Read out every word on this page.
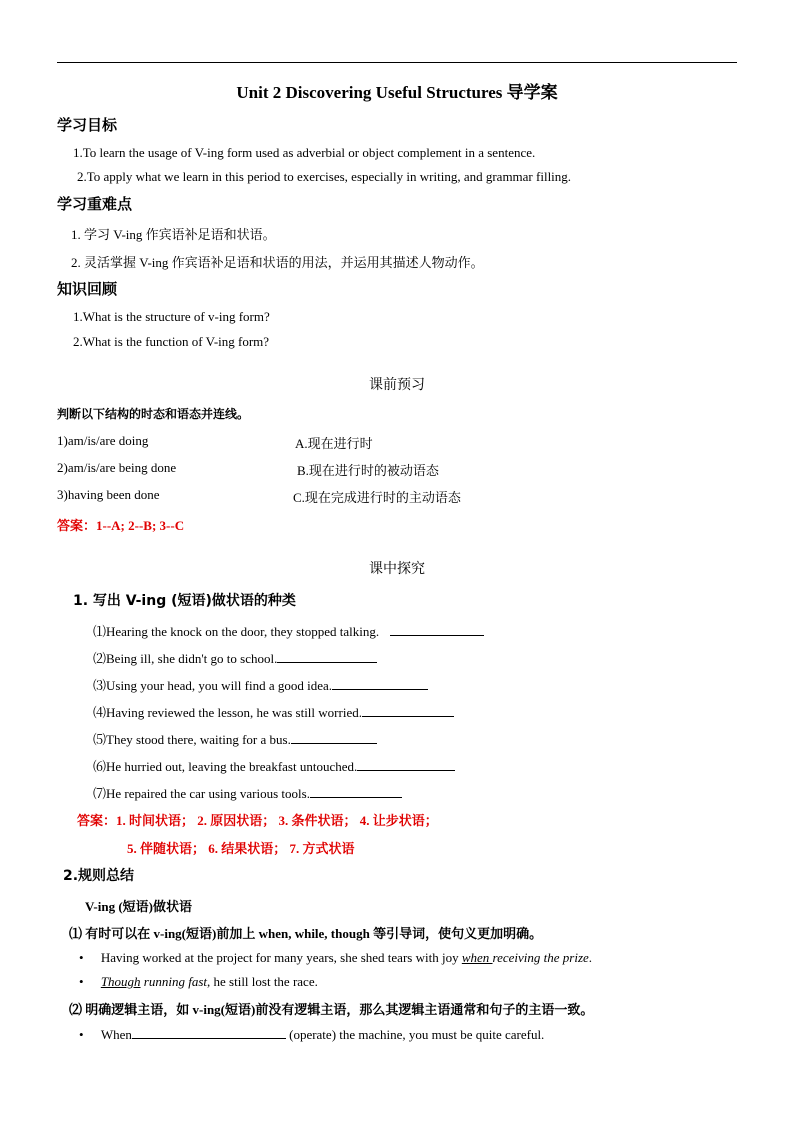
Unit 2 Discovering Useful Structures 导学案
学习目标
1.To learn the usage of V-ing form used as adverbial or object complement in a sentence.
2.To apply what we learn in this period to exercises, especially in writing, and grammar filling.
学习重难点
1. 学习 V-ing 作宾语补足语和状语。
2. 灵活掌握 V-ing 作宾语补足语和状语的用法，并运用其描述人物动作。
知识回顾
1.What is the structure of v-ing form?
2.What is the function of V-ing form?
课前预习
判断以下结构的时态和语态并连线。
1)am/is/are doing
2)am/is/are being done
3)having been done
A.现在进行时
B.现在进行时的被动语态
C.现在完成进行时的主动语态
答案：1--A; 2--B; 3--C
课中探究
1. 写出 V-ing (短语)做状语的种类
⑴Hearing the knock on the door, they stopped talking.
⑵Being ill, she didn't go to school.
⑶Using your head, you will find a good idea.
⑷Having reviewed the lesson, he was still worried.
⑸They stood there, waiting for a bus.
⑹He hurried out, leaving the breakfast untouched.
⑺He repaired the car using various tools.
答案：1. 时间状语； 2. 原因状语； 3. 条件状语； 4. 让步状语；
5. 伴随状语； 6. 结果状语； 7. 方式状语
2.规则总结
V-ing (短语)做状语
⑴ 有时可以在 v-ing(短语)前加上 when, while, though 等引导词，使句义更加明确。
• Having worked at the project for many years, she shed tears with joy when receiving the prize.
• Though running fast, he still lost the race.
⑵ 明确逻辑主语，如 v-ing(短语)前没有逻辑主语，那么其逻辑主语通常和句子的主语一致。
• When	(operate) the machine, you must be quite careful.
